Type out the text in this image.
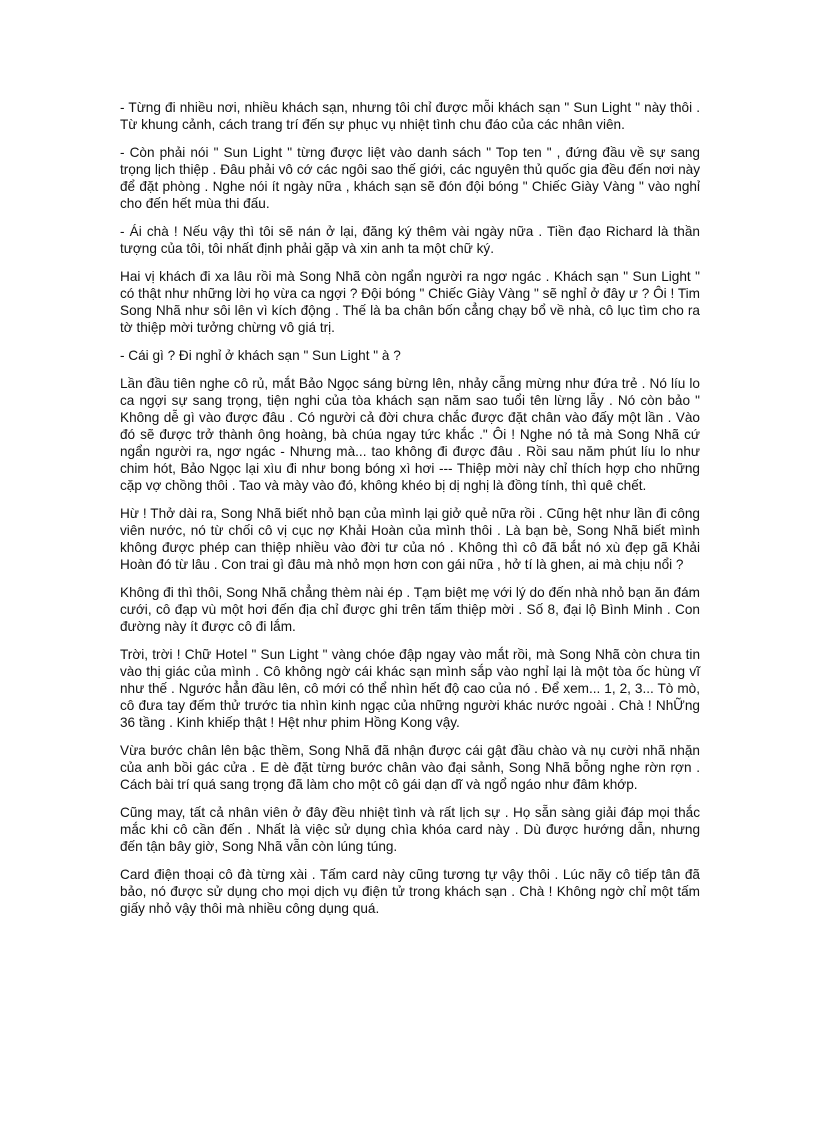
- Từng đi nhiều nơi, nhiều khách sạn, nhưng tôi chỉ được mỗi khách sạn " Sun Light " này thôi . Từ khung cảnh, cách trang trí đến sự phục vụ nhiệt tình chu đáo của các nhân viên.

- Còn phải nói " Sun Light " từng được liệt vào danh sách " Top ten " , đứng đầu về sự sang trọng lịch thiệp . Đâu phải vô cớ các ngôi sao thế giới, các nguyên thủ quốc gia đều đến nơi này để đặt phòng . Nghe nói ít ngày nữa , khách sạn sẽ đón đội bóng " Chiếc Giày Vàng " vào nghỉ cho đến hết mùa thi đấu.

- Ái chà ! Nếu vậy thì tôi sẽ nán ở lại, đăng ký thêm vài ngày nữa . Tiền đạo Richard là thần tượng của tôi, tôi nhất định phải gặp và xin anh ta một chữ ký.

Hai vị khách đi xa lâu rồi mà Song Nhã còn ngẩn người ra ngơ ngác . Khách sạn " Sun Light " có thật như những lời họ vừa ca ngợi ? Đội bóng " Chiếc Giày Vàng " sẽ nghỉ ở đây ư ? Ôi ! Tim Song Nhã như sôi lên vì kích động . Thế là ba chân bốn cẳng chạy bổ về nhà, cô lục tìm cho ra tờ thiệp mời tưởng chừng vô giá trị.

- Cái gì ? Đi nghỉ ở khách sạn " Sun Light " à ?

Lần đầu tiên nghe cô rủ, mắt Bảo Ngọc sáng bừng lên, nhảy cẫng mừng như đứa trẻ . Nó líu lo ca ngợi sự sang trọng, tiện nghi của tòa khách sạn năm sao tuổi tên lừng lẫy . Nó còn bảo " Không dễ gì vào được đâu . Có người cả đời chưa chắc được đặt chân vào đấy một lần . Vào đó sẽ được trở thành ông hoàng, bà chúa ngay tức khắc ." Ôi ! Nghe nó tả mà Song Nhã cứ ngẩn người ra, ngơ ngác - Nhưng mà... tao không đi được đâu . Rồi sau năm phút líu lo như chim hót, Bảo Ngọc lại xìu đi như bong bóng xì hơi --- Thiệp mời này chỉ thích hợp cho những cặp vợ chồng thôi . Tao và mày vào đó, không khéo bị dị nghị là đồng tính, thì quê chết.

Hừ ! Thở dài ra, Song Nhã biết nhỏ bạn của mình lại giở quẻ nữa rồi . Cũng hệt như lần đi công viên nước, nó từ chối cô vị cục nợ Khải Hoàn của mình thôi . Là bạn bè, Song Nhã biết mình không được phép can thiệp nhiều vào đời tư của nó . Không thì cô đã bắt nó xù đẹp gã Khải Hoàn đó từ lâu . Con trai gì đâu mà nhỏ mọn hơn con gái nữa , hở tí là ghen, ai mà chịu nổi ?

Không đi thì thôi, Song Nhã chẳng thèm nài ép . Tạm biệt mẹ với lý do đến nhà nhỏ bạn ăn đám cưới, cô đạp vù một hơi đến địa chỉ được ghi trên tấm thiệp mời . Số 8, đại lộ Bình Minh . Con đường này ít được cô đi lắm.

Trời, trời ! Chữ Hotel " Sun Light " vàng chóe đập ngay vào mắt rồi, mà Song Nhã còn chưa tin vào thị giác của mình . Cô không ngờ cái khác sạn mình sắp vào nghỉ lại là một tòa ốc hùng vĩ như thế . Ngước hẳn đầu lên, cô mới có thể nhìn hết độ cao của nó . Để xem... 1, 2, 3... Tò mò, cô đưa tay đếm thử trước tia nhìn kinh ngạc của những người khác nước ngoài . Chà ! NhỮng 36 tầng . Kinh khiếp thật ! Hệt như phim Hồng Kong vậy.

Vừa bước chân lên bậc thềm, Song Nhã đã nhận được cái gật đầu chào và nụ cười nhã nhặn của anh bồi gác cửa . E dè đặt từng bước chân vào đại sảnh, Song Nhã bỗng nghe rờn rợn . Cách bài trí quá sang trọng đã làm cho một cô gái dạn dĩ và ngổ ngáo như đâm khớp.

Cũng may, tất cả nhân viên ở đây đều nhiệt tình và rất lịch sự . Họ sẵn sàng giải đáp mọi thắc mắc khi cô cần đến . Nhất là việc sử dụng chìa khóa card này . Dù được hướng dẫn, nhưng đến tận bây giờ, Song Nhã vẫn còn lúng túng.

Card điện thoại cô đà từng xài . Tấm card này cũng tương tự vậy thôi . Lúc nãy cô tiếp tân đã bảo, nó được sử dụng cho mọi dịch vụ điện tử trong khách sạn . Chà ! Không ngờ chỉ một tấm giấy nhỏ vậy thôi mà nhiều công dụng quá.
